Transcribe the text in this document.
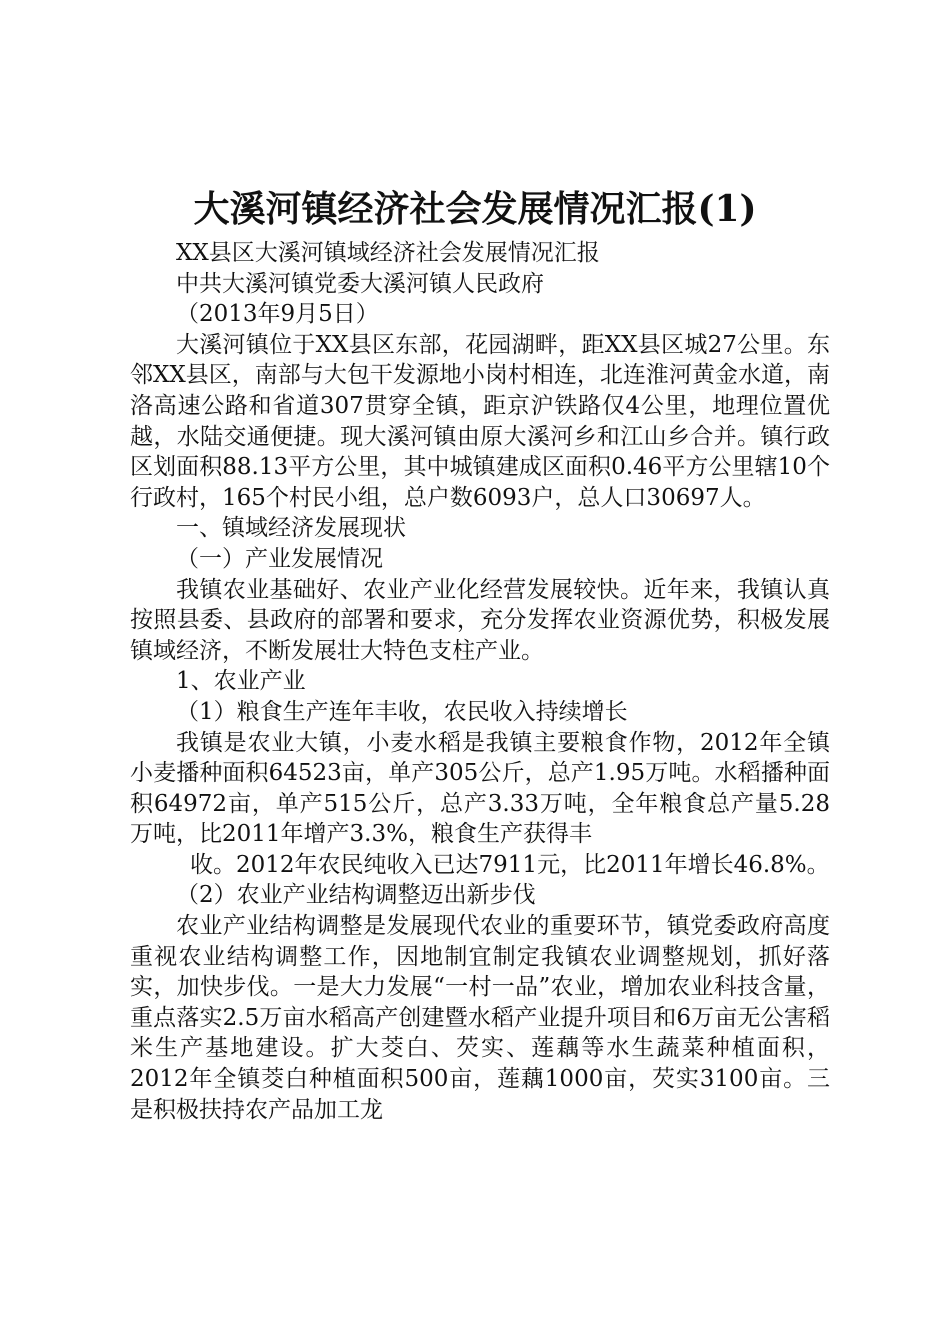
大溪河镇经济社会发展情况汇报(1)

XX县区大溪河镇域经济社会发展情况汇报

中共大溪河镇党委大溪河镇人民政府

（2013年9月5日）

大溪河镇位于XX县区东部，花园湖畔，距XX县区城27公里。东邻XX县区，南部与大包干发源地小岗村相连，北连淮河黄金水道，南洛高速公路和省道307贯穿全镇，距京沪铁路仅4公里，地理位置优越，水陆交通便捷。现大溪河镇由原大溪河乡和江山乡合并。镇行政区划面积88.13平方公里，其中城镇建成区面积0.46平方公里辖10个行政村，165个村民小组，总户数6093户，总人口30697人。

一、镇域经济发展现状

（一）产业发展情况

我镇农业基础好、农业产业化经营发展较快。近年来，我镇认真按照县委、县政府的部署和要求，充分发挥农业资源优势，积极发展镇域经济，不断发展壮大特色支柱产业。

1、农业产业

（1）粮食生产连年丰收，农民收入持续增长

我镇是农业大镇，小麦水稻是我镇主要粮食作物，2012年全镇小麦播种面积64523亩，单产305公斤，总产1.95万吨。水稻播种面积64972亩，单产515公斤，总产3.33万吨，全年粮食总产量5.28万吨，比2011年增产3.3%，粮食生产获得丰

收。2012年农民纯收入已达7911元，比2011年增长46.8%。

（2）农业产业结构调整迈出新步伐

农业产业结构调整是发展现代农业的重要环节，镇党委政府高度重视农业结构调整工作，因地制宜制定我镇农业调整规划，抓好落实，加快步伐。一是大力发展“一村一品”农业，增加农业科技含量，重点落实2.5万亩水稻高产创建暨水稻产业提升项目和6万亩无公害稻米生产基地建设。扩大茭白、芡实、莲藕等水生蔬菜种植面积，2012年全镇茭白种植面积500亩，莲藕1000亩，芡实3100亩。三是积极扶持农产品加工龙
